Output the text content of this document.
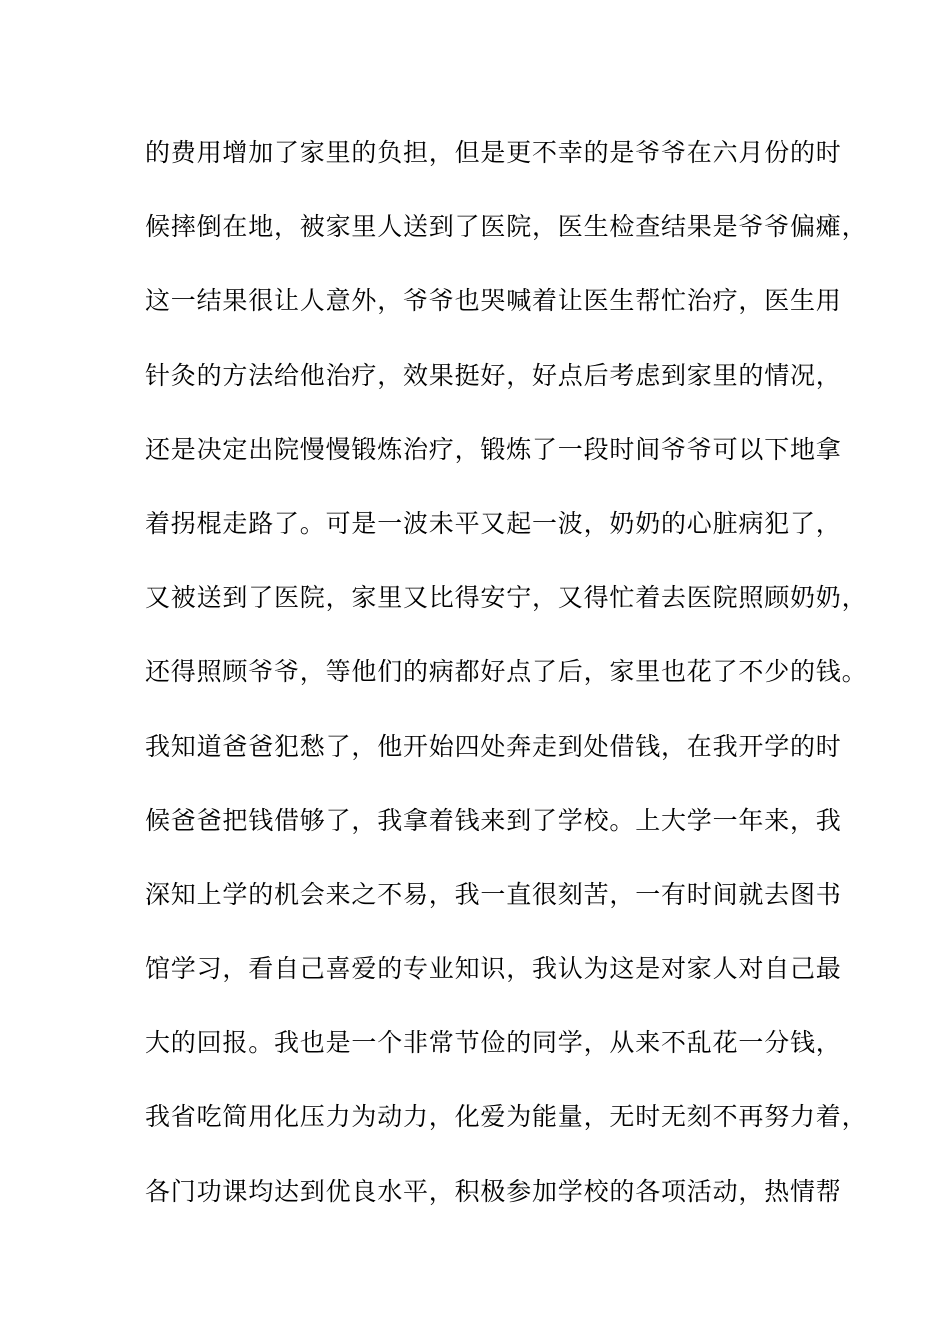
的费用增加了家里的负担，但是更不幸的是爷爷在六月份的时
候摔倒在地，被家里人送到了医院，医生检查结果是爷爷偏瘫，
这一结果很让人意外，爷爷也哭喊着让医生帮忙治疗，医生用
针灸的方法给他治疗，效果挺好，好点后考虑到家里的情况，
还是决定出院慢慢锻炼治疗，锻炼了一段时间爷爷可以下地拿
着拐棍走路了。可是一波未平又起一波，奶奶的心脏病犯了，
又被送到了医院，家里又比得安宁，又得忙着去医院照顾奶奶，
还得照顾爷爷，等他们的病都好点了后，家里也花了不少的钱。
我知道爸爸犯愁了，他开始四处奔走到处借钱，在我开学的时
候爸爸把钱借够了，我拿着钱来到了学校。上大学一年来，我
深知上学的机会来之不易，我一直很刻苦，一有时间就去图书
馆学习，看自己喜爱的专业知识，我认为这是对家人对自己最
大的回报。我也是一个非常节俭的同学，从来不乱花一分钱，
我省吃简用化压力为动力，化爱为能量，无时无刻不再努力着，
各门功课均达到优良水平，积极参加学校的各项活动，热情帮
